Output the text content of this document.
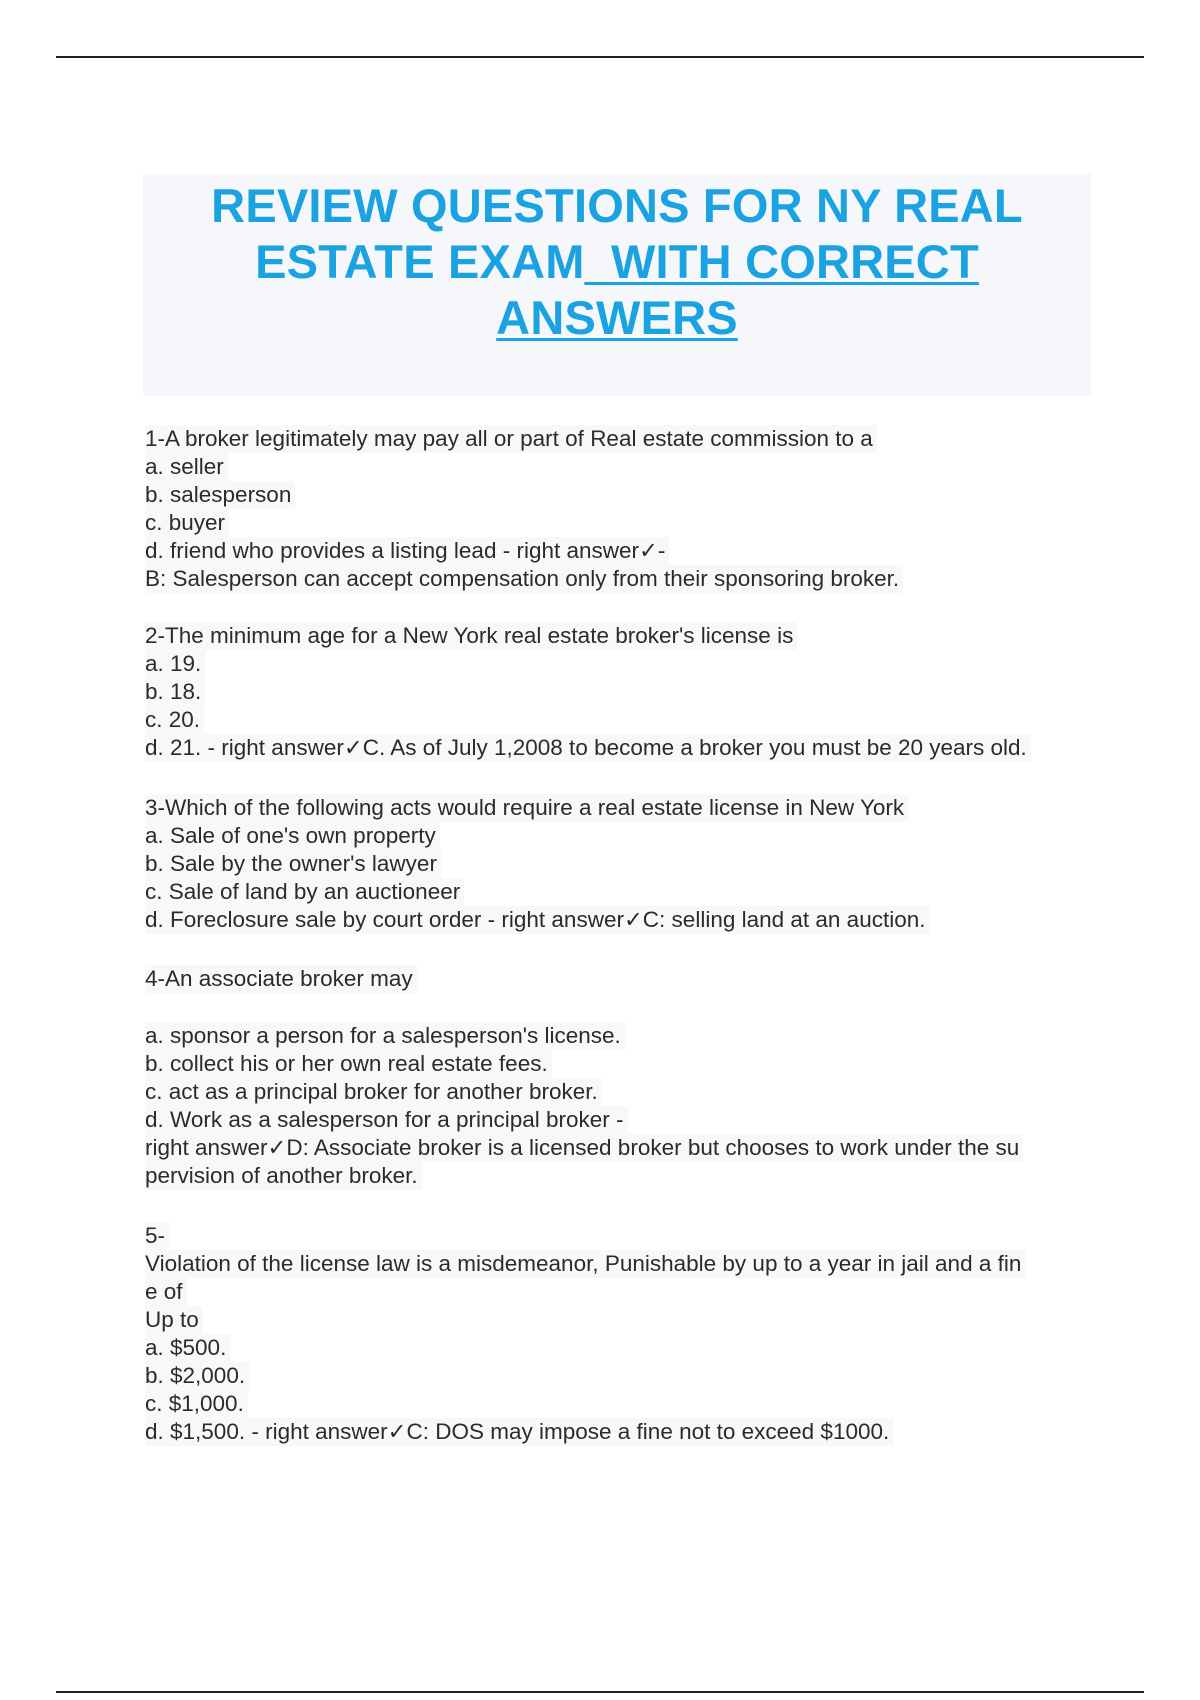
REVIEW QUESTIONS FOR NY REAL
ESTATE EXAM_WITH CORRECT
ANSWERS
1-A broker legitimately may pay all or part of Real estate commission to a
a. seller
b. salesperson
c. buyer
d. friend who provides a listing lead - right answer✓-
B: Salesperson can accept compensation only from their sponsoring broker.
2-The minimum age for a New York real estate broker's license is
a. 19.
b. 18.
c. 20.
d. 21. - right answer✓C. As of July 1,2008 to become a broker you must be 20 years old.
3-Which of the following acts would require a real estate license in New York
a. Sale of one's own property
b. Sale by the owner's lawyer
c. Sale of land by an auctioneer
d. Foreclosure sale by court order - right answer✓C: selling land at an auction.
4-An associate broker may
a. sponsor a person for a salesperson's license.
b. collect his or her own real estate fees.
c. act as a principal broker for another broker.
d. Work as a salesperson for a principal broker -
right answer✓D: Associate broker is a licensed broker but chooses to work under the su
pervision of another broker.
5-
Violation of the license law is a misdemeanor, Punishable by up to a year in jail and a fin
e of
Up to
a. $500.
b. $2,000.
c. $1,000.
d. $1,500. - right answer✓C: DOS may impose a fine not to exceed $1000.
